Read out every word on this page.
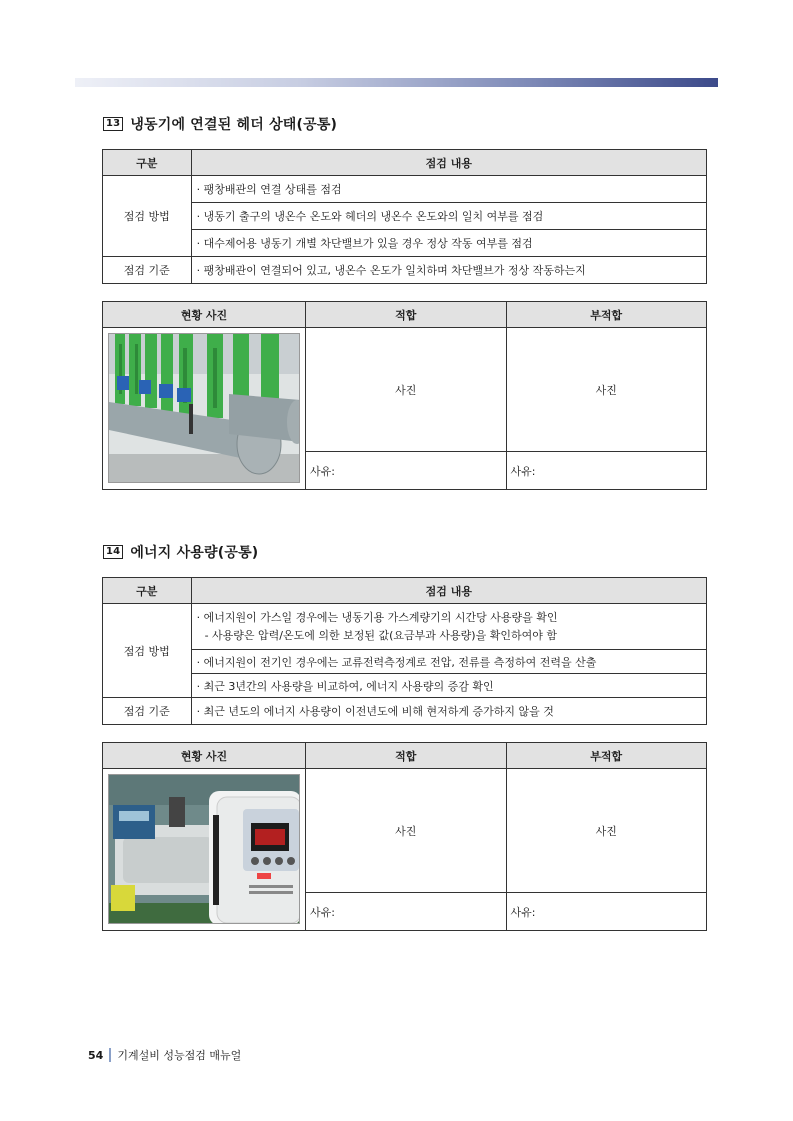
13 냉동기에 연결된 헤더 상태(공통)
구분	점검 내용
점검 방법	· 팽창배관의 연결 상태를 점검
	· 냉동기 출구의 냉온수 온도와 헤더의 냉온수 온도와의 일치 여부를 점검
	· 대수제어용 냉동기 개별 차단밸브가 있을 경우 정상 작동 여부를 점검
점검 기준	· 팽창배관이 연결되어 있고, 냉온수 온도가 일치하며 차단밸브가 정상 작동하는지
현황 사진	적합	부적합

	사진	사진
	사유:	사유:
14 에너지 사용량(공통)
구분	점검 내용
점검 방법	· 에너지원이 가스일 경우에는 냉동기용 가스계량기의 시간당 사용량을 확인
- 사용량은 압력/온도에 의한 보정된 값(요금부과 사용량)을 확인하여야 함

	· 에너지원이 전기인 경우에는 교류전력측정계로 전압, 전류를 측정하여 전력을 산출
	· 최근 3년간의 사용량을 비교하여, 에너지 사용량의 증감 확인
점검 기준	· 최근 년도의 에너지 사용량이 이전년도에 비해 현저하게 증가하지 않을 것
현황 사진	적합	부적합

	사진	사진
	사유:	사유:
54 기계설비 성능점검 매뉴얼
